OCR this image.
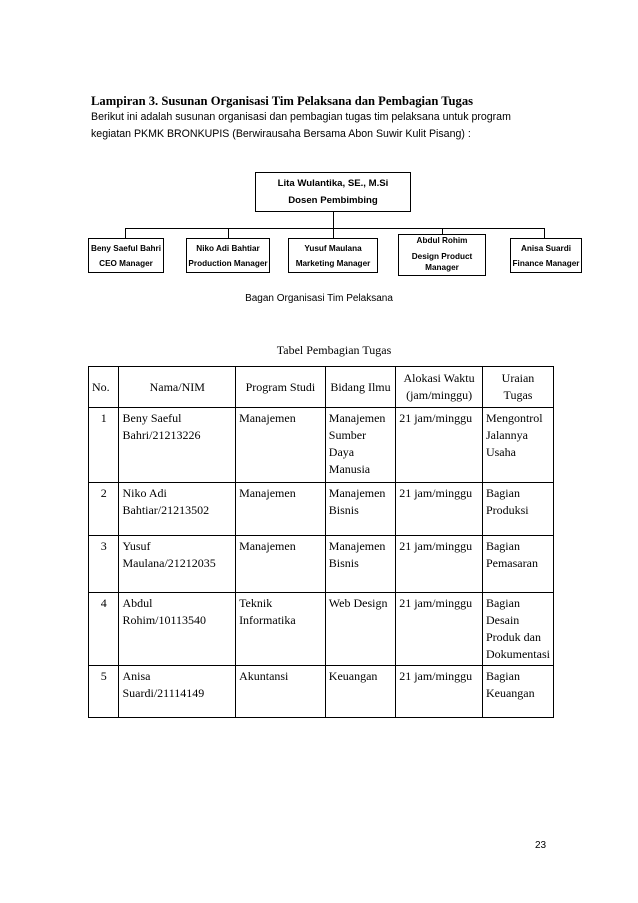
Lampiran 3. Susunan Organisasi Tim Pelaksana dan Pembagian Tugas
Berikut ini adalah susunan organisasi dan pembagian tugas tim pelaksana untuk program kegiatan PKMK BRONKUPIS (Berwirausaha Bersama Abon Suwir Kulit Pisang) :
Lita Wulantika, SE., M.Si
Dosen Pembimbing
Beny Saeful Bahri
CEO Manager
Niko Adi Bahtiar
Production Manager
Yusuf Maulana
Marketing Manager
Abdul Rohim
Design Product Manager
Anisa Suardi
Finance Manager
Bagan Organisasi Tim Pelaksana
Tabel Pembagian Tugas
No.	Nama/NIM	Program Studi	Bidang Ilmu	Alokasi Waktu (jam/minggu)	Uraian Tugas
1	Beny Saeful Bahri/21213226	Manajemen	Manajemen Sumber Daya Manusia	21 jam/minggu	Mengontrol Jalannya Usaha
2	Niko Adi Bahtiar/21213502	Manajemen	Manajemen Bisnis	21 jam/minggu	Bagian Produksi
3	Yusuf Maulana/21212035	Manajemen	Manajemen Bisnis	21 jam/minggu	Bagian Pemasaran
4	Abdul Rohim/10113540	Teknik Informatika	Web Design	21 jam/minggu	Bagian Desain Produk dan Dokumentasi
5	Anisa Suardi/21114149	Akuntansi	Keuangan	21 jam/minggu	Bagian Keuangan
23
